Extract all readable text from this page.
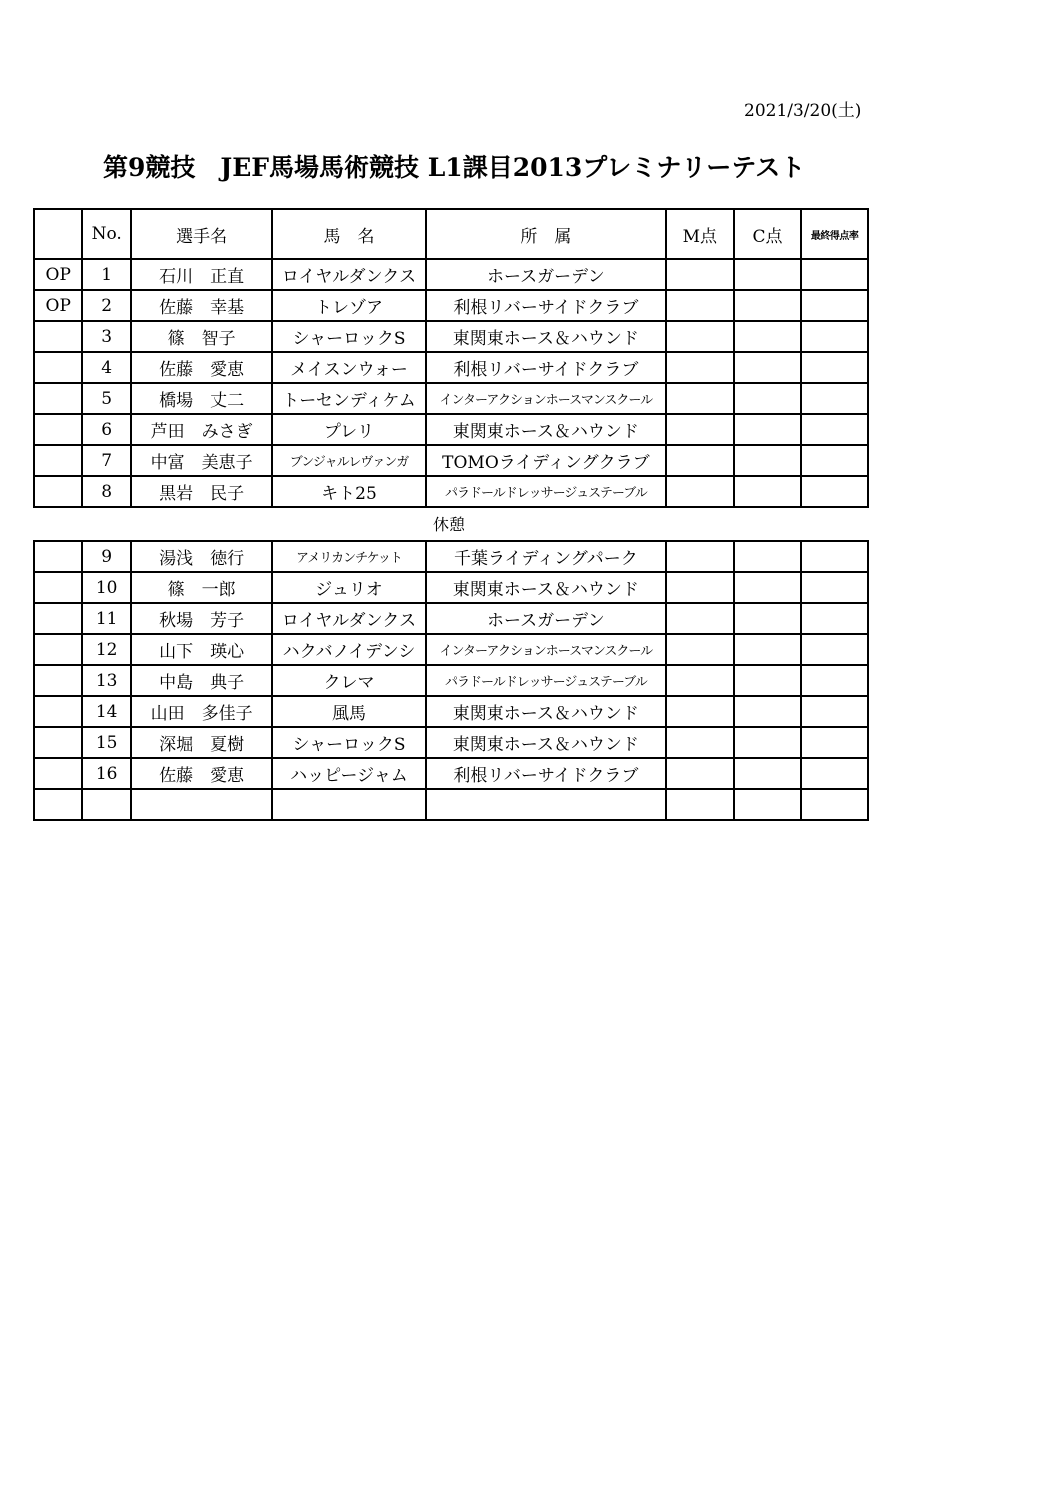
2021/3/20(土)
第9競技　JEF馬場馬術競技 L1課目2013プレミナリーテスト
	No.	選手名	馬　名	所　属	M点	C点	最終得点率
OP	1	石川　正直	ロイヤルダンクス	ホースガーデン			
OP	2	佐藤　幸基	トレゾア	利根リバーサイドクラブ			
	3	篠　智子	シャーロックS	東関東ホース＆ハウンド			
	4	佐藤　愛恵	メイスンウォー	利根リバーサイドクラブ			
	5	橋場　丈二	トーセンディケム	インターアクションホースマンスクール			
	6	芦田　みさぎ	プレリ	東関東ホース＆ハウンド			
	7	中富　美恵子	ブンジャルレヴァンガ	TOMOライディングクラブ			
	8	黒岩　民子	キト25	パラドールドレッサージュステーブル			
休憩
	9	湯浅　徳行	アメリカンチケット	千葉ライディングパーク			
	10	篠　一郎	ジュリオ	東関東ホース＆ハウンド			
	11	秋場　芳子	ロイヤルダンクス	ホースガーデン			
	12	山下　瑛心	ハクバノイデンシ	インターアクションホースマンスクール			
	13	中島　典子	クレマ	パラドールドレッサージュステーブル			
	14	山田　多佳子	風馬	東関東ホース＆ハウンド			
	15	深堀　夏樹	シャーロックS	東関東ホース＆ハウンド			
	16	佐藤　愛恵	ハッピージャム	利根リバーサイドクラブ			
